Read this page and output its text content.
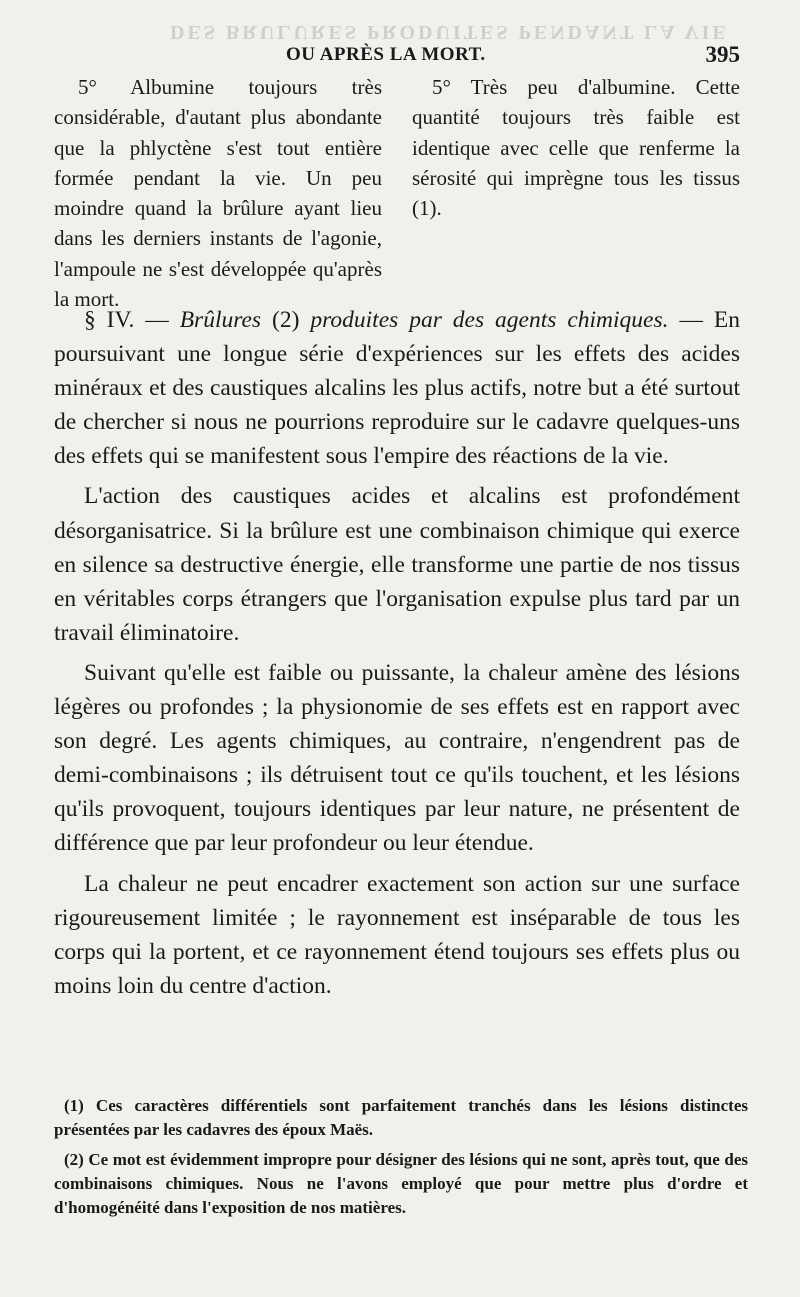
DES BRULURES PRODUITES PENDANT LA VIE
OU APRÈS LA MORT.	395
5° Albumine toujours très considérable, d'autant plus abondante que la phlyctène s'est tout entière formée pendant la vie. Un peu moindre quand la brûlure ayant lieu dans les derniers instants de l'agonie, l'ampoule ne s'est développée qu'après la mort.
5° Très peu d'albumine. Cette quantité toujours très faible est identique avec celle que renferme la sérosité qui imprègne tous les tissus (1).

§ IV. — Brûlures (2) produites par des agents chimiques. — En poursuivant une longue série d'expériences sur les effets des acides minéraux et des caustiques alcalins les plus actifs, notre but a été surtout de chercher si nous ne pourrions reproduire sur le cadavre quelques-uns des effets qui se manifestent sous l'empire des réactions de la vie.

L'action des caustiques acides et alcalins est profondément désorganisatrice. Si la brûlure est une combinaison chimique qui exerce en silence sa destructive énergie, elle transforme une partie de nos tissus en véritables corps étrangers que l'organisation expulse plus tard par un travail éliminatoire.

Suivant qu'elle est faible ou puissante, la chaleur amène des lésions légères ou profondes ; la physionomie de ses effets est en rapport avec son degré. Les agents chimiques, au contraire, n'engendrent pas de demi-combinaisons ; ils détruisent tout ce qu'ils touchent, et les lésions qu'ils provoquent, toujours identiques par leur nature, ne présentent de différence que par leur profondeur ou leur étendue.

La chaleur ne peut encadrer exactement son action sur une surface rigoureusement limitée ; le rayonnement est inséparable de tous les corps qui la portent, et ce rayonnement étend toujours ses effets plus ou moins loin du centre d'action.

(1) Ces caractères différentiels sont parfaitement tranchés dans les lésions distinctes présentées par les cadavres des époux Maës.

(2) Ce mot est évidemment impropre pour désigner des lésions qui ne sont, après tout, que des combinaisons chimiques. Nous ne l'avons employé que pour mettre plus d'ordre et d'homogénéité dans l'exposition de nos matières.
